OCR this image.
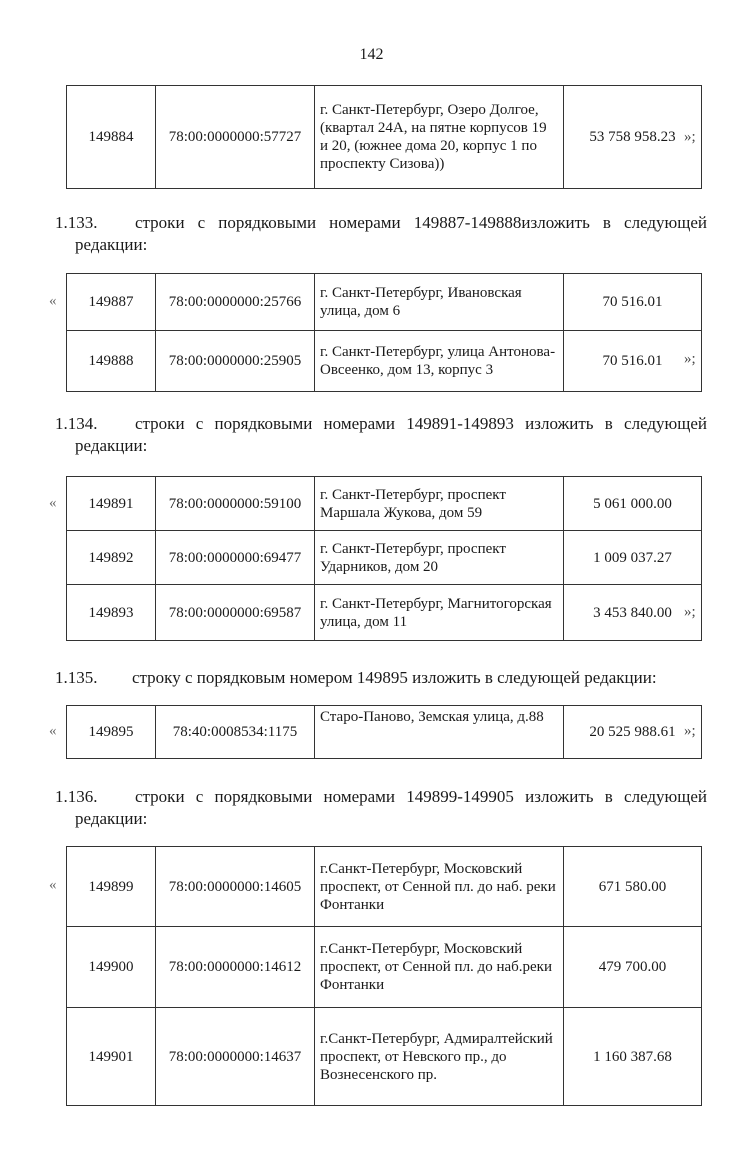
142
149884	78:00:0000000:57727	г. Санкт-Петербург, Озеро Долгое, (квартал 24А, на пятне корпусов 19 и 20, (южнее дома 20, корпус 1 по проспекту Сизова))	53 758 958.23 »;
1.133. строки с порядковыми номерами 149887-149888изложить в следующей
редакции:
« 149887	78:00:0000000:25766	г. Санкт-Петербург, Ивановская улица, дом 6	70 516.01
149888	78:00:0000000:25905	г. Санкт-Петербург, улица Антонова-Овсеенко, дом 13, корпус 3	70 516.01 »;
1.134. строки с порядковыми номерами 149891-149893 изложить в следующей
редакции:
« 149891	78:00:0000000:59100	г. Санкт-Петербург, проспект Маршала Жукова, дом 59	5 061 000.00
149892	78:00:0000000:69477	г. Санкт-Петербург, проспект Ударников, дом 20	1 009 037.27
149893	78:00:0000000:69587	г. Санкт-Петербург, Магнитогорская улица, дом 11	3 453 840.00 »;
1.135. строку с порядковым номером 149895 изложить в следующей редакции:
« 149895	78:40:0008534:1175	Старо-Паново, Земская улица, д.88	20 525 988.61 »;
1.136. строки с порядковыми номерами 149899-149905 изложить в следующей
редакции:
« 149899	78:00:0000000:14605	г.Санкт-Петербург, Московский проспект, от Сенной пл. до наб. реки Фонтанки	671 580.00
149900	78:00:0000000:14612	г.Санкт-Петербург, Московский проспект, от Сенной пл. до наб.реки Фонтанки	479 700.00
149901	78:00:0000000:14637	г.Санкт-Петербург, Адмиралтейский проспект, от Невского пр., до Вознесенского пр.	1 160 387.68
